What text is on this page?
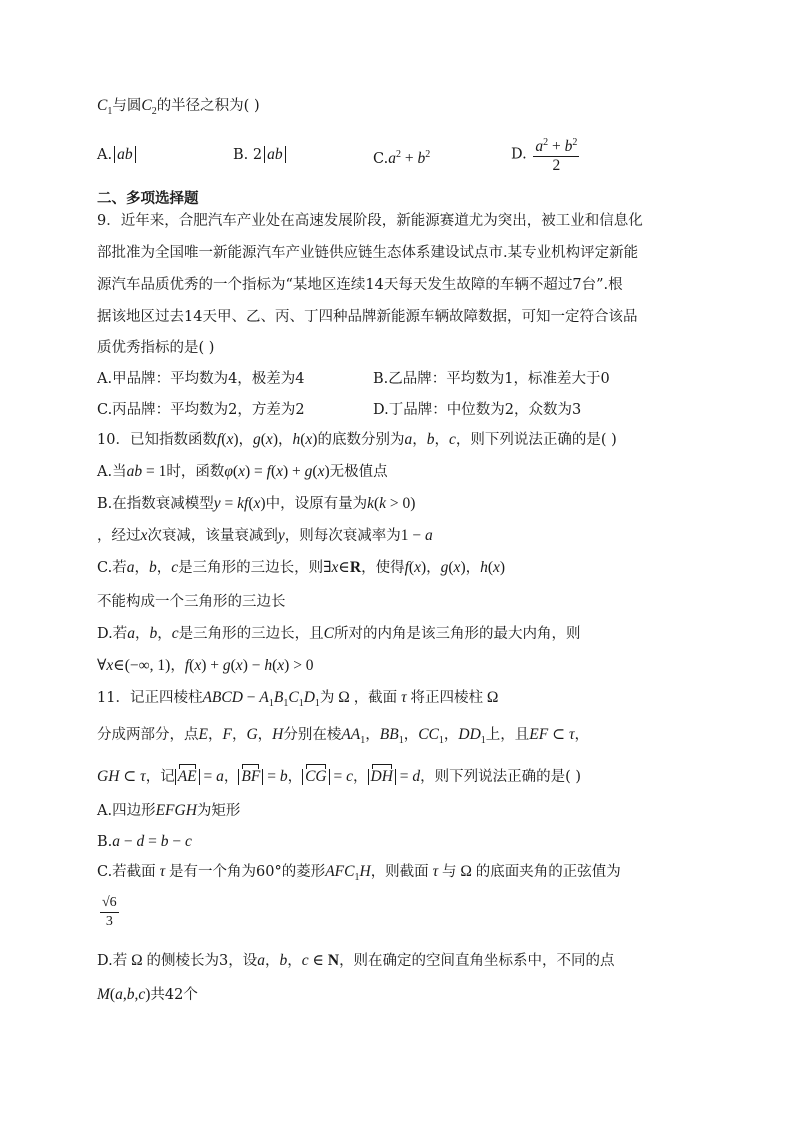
$C_1$与圆$C_2$的半径之积为( )
A. ab	B. 2 ab	$C.a^2 + b^2$	D. $\frac{a^2 + b^2}{2}$
二、多项选择题
9．近年来，合肥汽车产业处在高速发展阶段，新能源赛道尤为突出，被工业和信息化
部批准为全国唯一新能源汽车产业链供应链生态体系建设试点市.某专业机构评定新能
源汽车品质优秀的一个指标为“某地区连续14天每天发生故障的车辆不超过7台”.根
据该地区过去14天甲、乙、丙、丁四种品牌新能源车辆故障数据，可知一定符合该品
质优秀指标的是( )
A.甲品牌：平均数为4，极差为4	B.乙品牌：平均数为1，标准差大于0
C.丙品牌：平均数为2，方差为2	D.丁品牌：中位数为2，众数为3
10．已知指数函数f(x)，g(x)，h(x)的底数分别为a，b，c，则下列说法正确的是( )
A.当ab = 1时，函数φ(x) = f(x) + g(x)无极值点
B.在指数衰减模型y = kf(x)中，设原有量为k(k > 0)
，经过x次衰减，该量衰减到y，则每次衰减率为1 − a
C.若a，b，c是三角形的三边长，则∃x∈R，使得f(x)，g(x)，h(x)
不能构成一个三角形的三边长
D.若a，b，c是三角形的三边长，且C所对的内角是该三角形的最大内角，则
∀x∈(−∞, 1)，f(x) + g(x) − h(x) > 0
11．记正四棱柱ABCD − $A_1B_1C_1D_1$为 Ω ，截面 τ 将正四棱柱 Ω
分成两部分，点E，F，G，H分别在棱$AA_1$，$BB_1$，$CC_1$，$DD_1$上，且EF ⊂ τ，
GH ⊂ τ，记 AE = a， BF = b， CG = c， DH = d，则下列说法正确的是( )
A.四边形EFGH为矩形
B.a − d = b − c
C.若截面 τ 是有一个角为60°的菱形$AFC_1H$，则截面 τ 与 Ω 的底面夹角的正弦值为
$\frac{√6}{3}$
D.若 Ω 的侧棱长为3，设a，b，c ∈ N，则在确定的空间直角坐标系中，不同的点
M(a,b,c)共42个
